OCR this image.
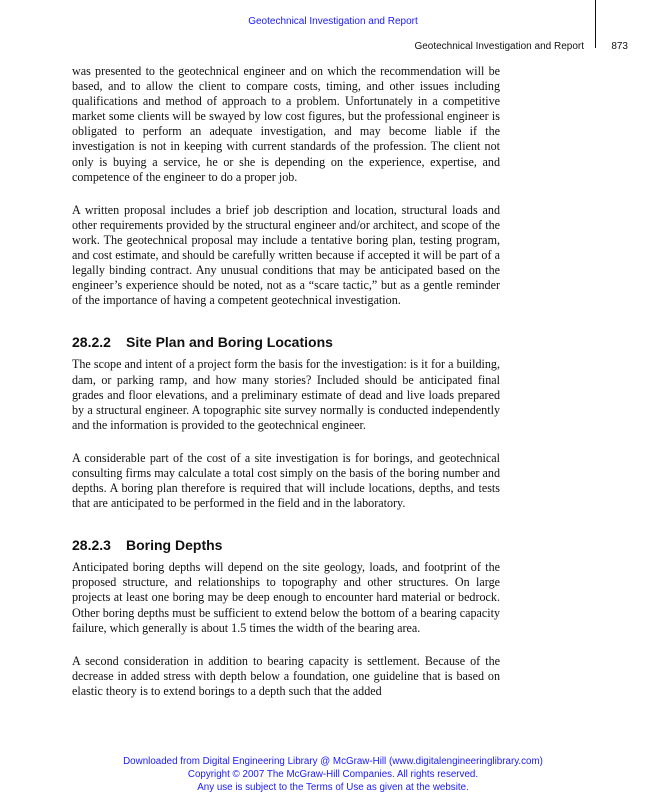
Geotechnical Investigation and Report
Geotechnical Investigation and Report	873

was presented to the geotechnical engineer and on which the recommendation will be based, and to allow the client to compare costs, timing, and other issues including qualifications and method of approach to a problem. Unfortunately in a competitive market some clients will be swayed by low cost figures, but the professional engineer is obligated to perform an adequate investigation, and may become liable if the investigation is not in keeping with current standards of the profession. The client not only is buying a service, he or she is depending on the experience, expertise, and competence of the engineer to do a proper job.

A written proposal includes a brief job description and location, structural loads and other requirements provided by the structural engineer and/or architect, and scope of the work. The geotechnical proposal may include a tentative boring plan, testing program, and cost estimate, and should be carefully written because if accepted it will be part of a legally binding contract. Any unusual conditions that may be anticipated based on the engineer’s experience should be noted, not as a “scare tactic,” but as a gentle reminder of the importance of having a competent geotechnical investigation.

28.2.2 Site Plan and Boring Locations

The scope and intent of a project form the basis for the investigation: is it for a building, dam, or parking ramp, and how many stories? Included should be anticipated final grades and floor elevations, and a preliminary estimate of dead and live loads prepared by a structural engineer. A topographic site survey normally is conducted independently and the information is provided to the geotechnical engineer.

A considerable part of the cost of a site investigation is for borings, and geotechnical consulting firms may calculate a total cost simply on the basis of the boring number and depths. A boring plan therefore is required that will include locations, depths, and tests that are anticipated to be performed in the field and in the laboratory.

28.2.3 Boring Depths

Anticipated boring depths will depend on the site geology, loads, and footprint of the proposed structure, and relationships to topography and other structures. On large projects at least one boring may be deep enough to encounter hard material or bedrock. Other boring depths must be sufficient to extend below the bottom of a bearing capacity failure, which generally is about 1.5 times the width of the bearing area.

A second consideration in addition to bearing capacity is settlement. Because of the decrease in added stress with depth below a foundation, one guideline that is based on elastic theory is to extend borings to a depth such that the added

Downloaded from Digital Engineering Library @ McGraw-Hill (www.digitalengineeringlibrary.com)
Copyright © 2007 The McGraw-Hill Companies. All rights reserved.
Any use is subject to the Terms of Use as given at the website.
